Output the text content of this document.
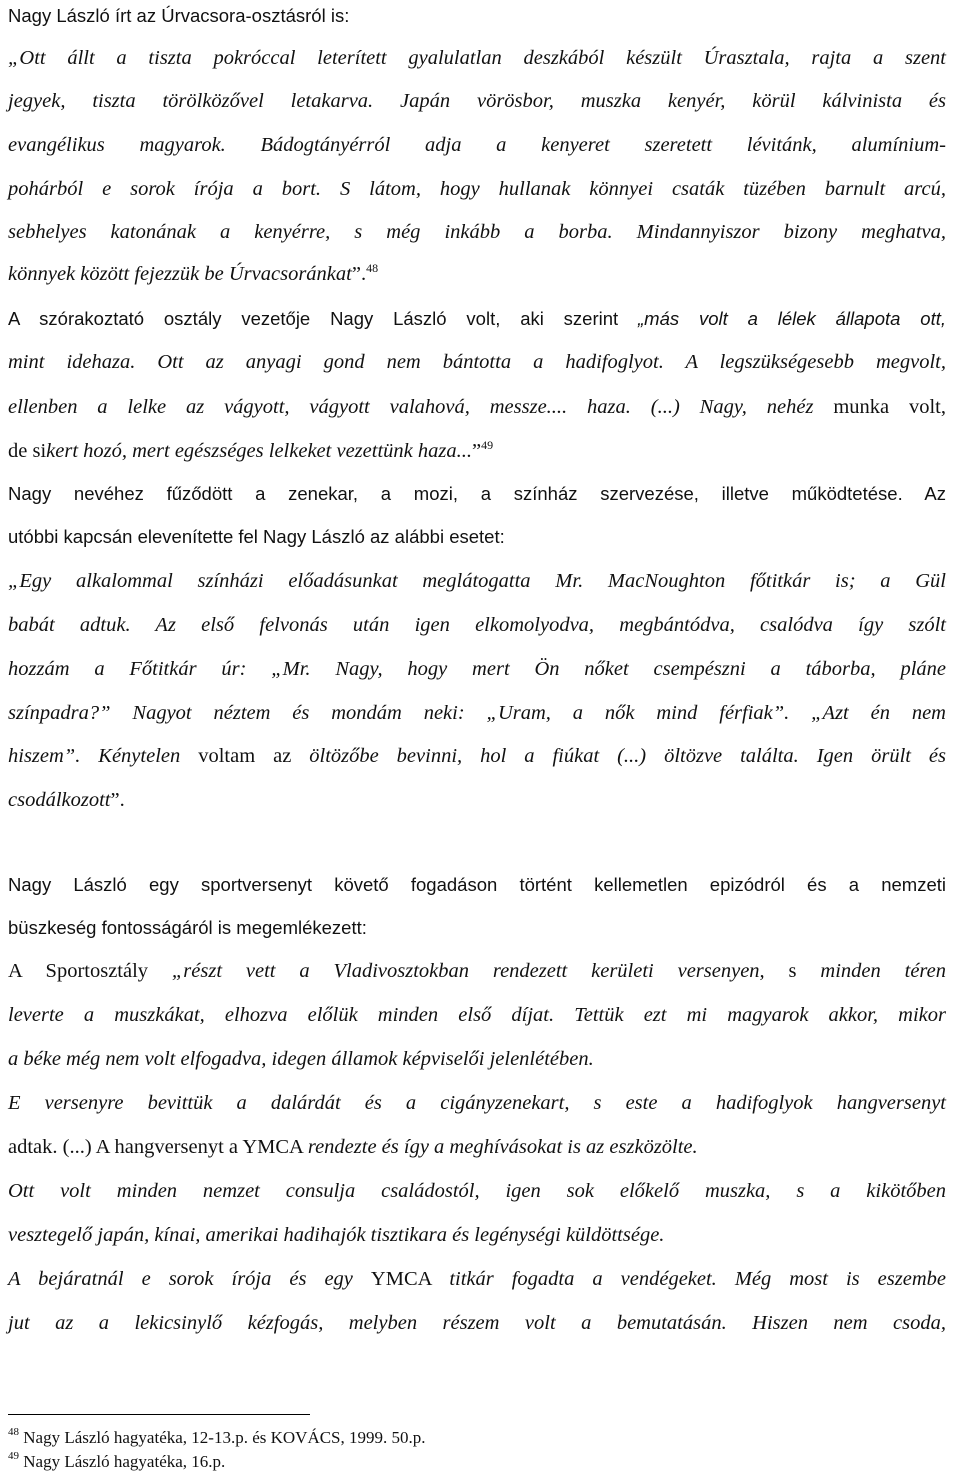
Nagy László írt az Úrvacsora-osztásról is:
„Ott állt a tiszta pokróccal leterített gyalulatlan deszkából készült Úrasztala, rajta a szent
jegyek, tiszta törölközővel letakarva. Japán vörösbor, muszka kenyér, körül kálvinista és
evangélikus magyarok. Bádogtányérról adja a kenyeret szeretett lévitánk, alumínium-
pohárból e sorok írója a bort. S látom, hogy hullanak könnyei csaták tüzében barnult arcú,
sebhelyes katonának a kenyérre, s még inkább a borba. Mindannyiszor bizony meghatva,
könnyek között fejezzük be Úrvacsoránkat”.$^{48}$
A szórakoztató osztály vezetője Nagy László volt, aki szerint „más volt a lélek állapota ott,
mint idehaza. Ott az anyagi gond nem bántotta a hadifoglyot. A legszükségesebb megvolt,
ellenben a lelke az vágyott, vágyott valahová, messze.... haza. (...) Nagy, nehéz munka volt,
de sikert hozó, mert egészséges lelkeket vezettünk haza...”$^{49}$
Nagy nevéhez fűződött a zenekar, a mozi, a színház szervezése, illetve működtetése. Az
utóbbi kapcsán elevenítette fel Nagy László az alábbi esetet:
„Egy alkalommal színházi előadásunkat meglátogatta Mr. MacNoughton főtitkár is; a Gül
babát adtuk. Az első felvonás után igen elkomolyodva, megbántódva, csalódva így szólt
hozzám a Főtitkár úr: „Mr. Nagy, hogy mert Ön nőket csempészni a táborba, pláne
színpadra?” Nagyot néztem és mondám neki: „Uram, a nők mind férfiak”. „Azt én nem
hiszem”. Kénytelen voltam az öltözőbe bevinni, hol a fiúkat (...) öltözve találta. Igen örült és
csodálkozott”.
Nagy László egy sportversenyt követő fogadáson történt kellemetlen epizódról és a nemzeti
büszkeség fontosságáról is megemlékezett:
A Sportosztály „részt vett a Vladivosztokban rendezett kerületi versenyen, s minden téren
leverte a muszkákat, elhozva előlük minden első díjat. Tettük ezt mi magyarok akkor, mikor
a béke még nem volt elfogadva, idegen államok képviselői jelenlétében.
E versenyre bevittük a dalárdát és a cigányzenekart, s este a hadifoglyok hangversenyt
adtak. (...) A hangversenyt a YMCA rendezte és így a meghívásokat is az eszközölte.
Ott volt minden nemzet consulja családostól, igen sok előkelő muszka, s a kikötőben
vesztegelő japán, kínai, amerikai hadihajók tisztikara és legénységi küldöttsége.
A bejáratnál e sorok írója és egy YMCA titkár fogadta a vendégeket. Még most is eszembe
jut az a lekicsinylő kézfogás, melyben részem volt a bemutatásán. Hiszen nem csoda,
$^{48}$ Nagy László hagyatéka, 12-13.p. és KOVÁCS, 1999. 50.p.
$^{49}$ Nagy László hagyatéka, 16.p.
